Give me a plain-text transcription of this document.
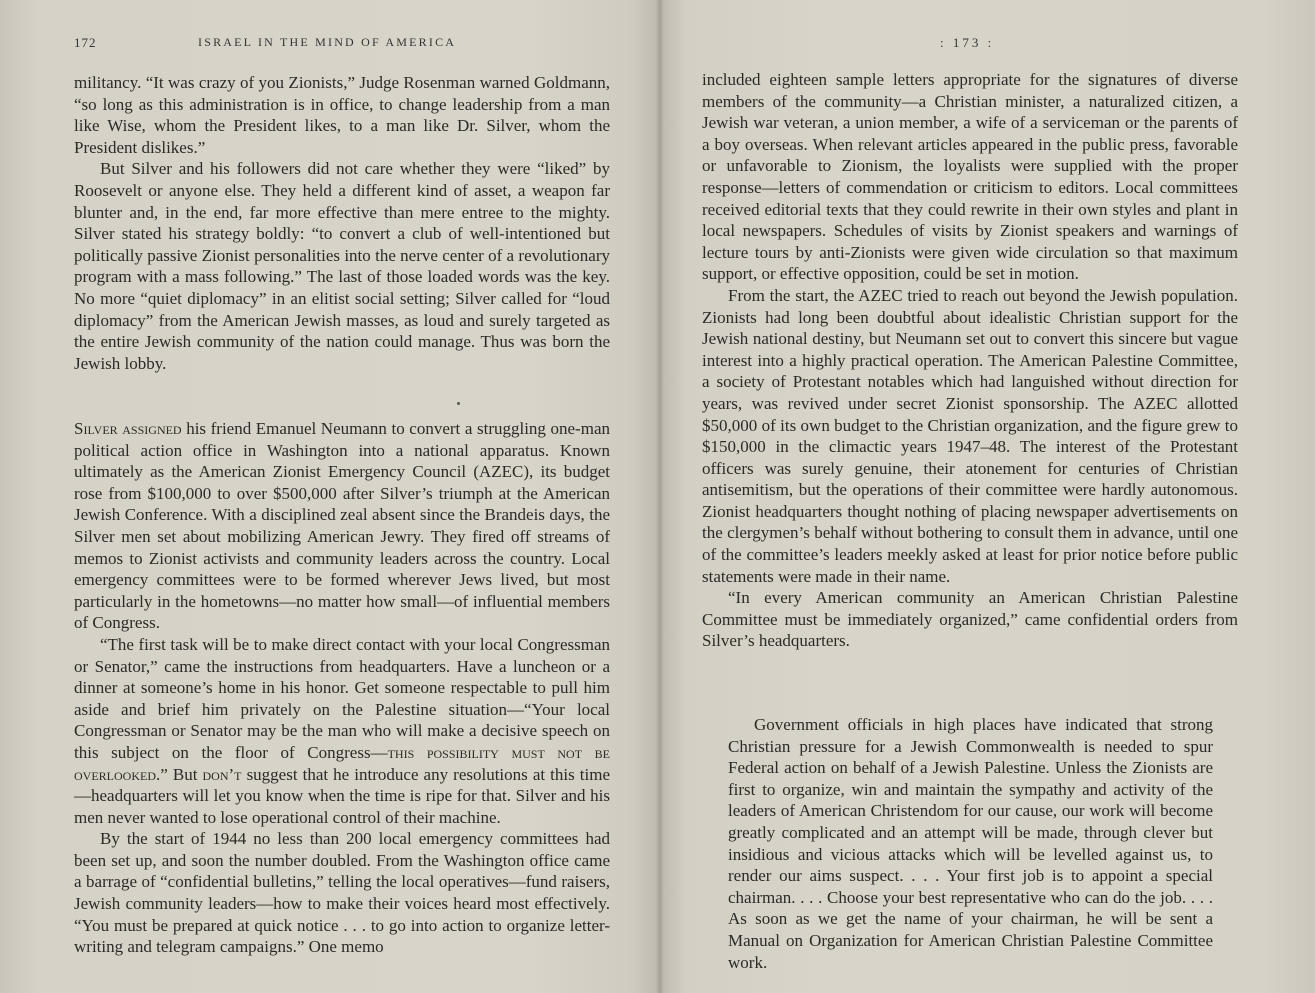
172	ISRAEL IN THE MIND OF AMERICA

militancy. “It was crazy of you Zionists,” Judge Rosenman warned Goldmann, “so long as this administration is in office, to change leadership from a man like Wise, whom the President likes, to a man like Dr. Silver, whom the President dislikes.”

But Silver and his followers did not care whether they were “liked” by Roosevelt or anyone else. They held a different kind of asset, a weapon far blunter and, in the end, far more effective than mere entree to the mighty. Silver stated his strategy boldly: “to convert a club of well-intentioned but politically passive Zionist personalities into the nerve center of a revolutionary program with a mass following.” The last of those loaded words was the key. No more “quiet diplomacy” in an elitist social setting; Silver called for “loud diplomacy” from the American Jewish masses, as loud and surely targeted as the entire Jewish community of the nation could manage. Thus was born the Jewish lobby.

Silver assigned his friend Emanuel Neumann to convert a struggling one-man political action office in Washington into a national apparatus. Known ultimately as the American Zionist Emergency Council (AZEC), its budget rose from $100,000 to over $500,000 after Silver’s triumph at the American Jewish Conference. With a disciplined zeal absent since the Brandeis days, the Silver men set about mobilizing American Jewry. They fired off streams of memos to Zionist activists and community leaders across the country. Local emergency committees were to be formed wherever Jews lived, but most particularly in the hometowns—no matter how small—of influential members of Congress.

“The first task will be to make direct contact with your local Congressman or Senator,” came the instructions from headquarters. Have a luncheon or a dinner at someone’s home in his honor. Get someone respectable to pull him aside and brief him privately on the Palestine situation—“Your local Congressman or Senator may be the man who will make a decisive speech on this subject on the floor of Congress—this possibility must not be overlooked.” But don’t suggest that he introduce any resolutions at this time—headquarters will let you know when the time is ripe for that. Silver and his men never wanted to lose operational control of their machine.

By the start of 1944 no less than 200 local emergency committees had been set up, and soon the number doubled. From the Washington office came a barrage of “confidential bulletins,” telling the local operatives—fund raisers, Jewish community leaders—how to make their voices heard most effectively. “You must be prepared at quick notice . . . to go into action to organize letter-writing and telegram campaigns.” One memo

: 173 :

included eighteen sample letters appropriate for the signatures of diverse members of the community—a Christian minister, a naturalized citizen, a Jewish war veteran, a union member, a wife of a serviceman or the parents of a boy overseas. When relevant articles appeared in the public press, favorable or unfavorable to Zionism, the loyalists were supplied with the proper response—letters of commendation or criticism to editors. Local committees received editorial texts that they could rewrite in their own styles and plant in local newspapers. Schedules of visits by Zionist speakers and warnings of lecture tours by anti-Zionists were given wide circulation so that maximum support, or effective opposition, could be set in motion.

From the start, the AZEC tried to reach out beyond the Jewish population. Zionists had long been doubtful about idealistic Christian support for the Jewish national destiny, but Neumann set out to convert this sincere but vague interest into a highly practical operation. The American Palestine Committee, a society of Protestant notables which had languished without direction for years, was revived under secret Zionist sponsorship. The AZEC allotted $50,000 of its own budget to the Christian organization, and the figure grew to $150,000 in the climactic years 1947–48. The interest of the Protestant officers was surely genuine, their atonement for centuries of Christian antisemitism, but the operations of their committee were hardly autonomous. Zionist headquarters thought nothing of placing newspaper advertisements on the clergymen’s behalf without bothering to consult them in advance, until one of the committee’s leaders meekly asked at least for prior notice before public statements were made in their name.

“In every American community an American Christian Palestine Committee must be immediately organized,” came confidential orders from Silver’s headquarters.

Government officials in high places have indicated that strong Christian pressure for a Jewish Commonwealth is needed to spur Federal action on behalf of a Jewish Palestine. Unless the Zionists are first to organize, win and maintain the sympathy and activity of the leaders of American Christendom for our cause, our work will become greatly complicated and an attempt will be made, through clever but insidious and vicious attacks which will be levelled against us, to render our aims suspect. . . . Your first job is to appoint a special chairman. . . . Choose your best representative who can do the job. . . . As soon as we get the name of your chairman, he will be sent a Manual on Organization for American Christian Palestine Committee work.
